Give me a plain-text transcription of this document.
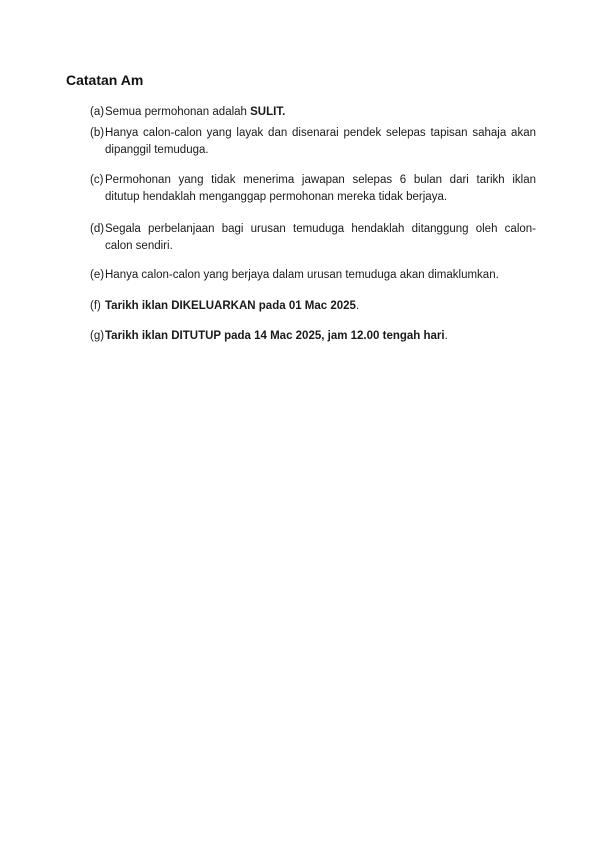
Catatan Am
(a) Semua permohonan adalah SULIT.
(b) Hanya calon-calon yang layak dan disenarai pendek selepas tapisan sahaja akan
dipanggil temuduga.
(c) Permohonan yang tidak menerima jawapan selepas 6 bulan dari tarikh iklan
ditutup hendaklah menganggap permohonan mereka tidak berjaya.
(d) Segala perbelanjaan bagi urusan temuduga hendaklah ditanggung oleh calon-
calon sendiri.
(e) Hanya calon-calon yang berjaya dalam urusan temuduga akan dimaklumkan.
(f) Tarikh iklan DIKELUARKAN pada 01 Mac 2025.
(g) Tarikh iklan DITUTUP pada 14 Mac 2025, jam 12.00 tengah hari.
